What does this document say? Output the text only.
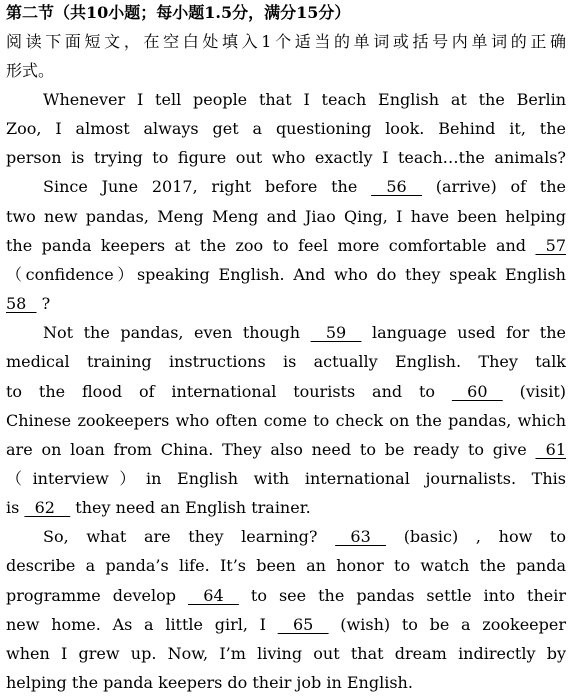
第二节（共10小题；每小题1.5分，满分15分）
阅读下面短文，在空白处填入1个适当的单词或括号内单词的正确
形式。
Whenever I tell people that I teach English at the Berlin
Zoo, I almost always get a questioning look. Behind it, the
person is trying to figure out who exactly I teach…the animals?
Since June 2017, right before the    56    (arrive) of the
two new pandas, Meng Meng and Jiao Qing, I have been helping
the panda keepers at the zoo to feel more comfortable and   57
（confidence）speaking English. And who do they speak English
58   ?
Not the pandas, even though    59    language used for the
medical training instructions is actually English. They talk
to the flood of international tourists and to    60    (visit)
Chinese zookeepers who often come to check on the pandas, which
are on loan from China. They also need to be ready to give   61
（interview）in English with international journalists. This
is   62    they need an English trainer.
So, what are they learning?    63    (basic) , how to
describe a panda’s life. It’s been an honor to watch the panda
programme develop    64    to see the pandas settle into their
new home. As a little girl, I    65    (wish) to be a zookeeper
when I grew up. Now, I’m living out that dream indirectly by
helping the panda keepers do their job in English.
